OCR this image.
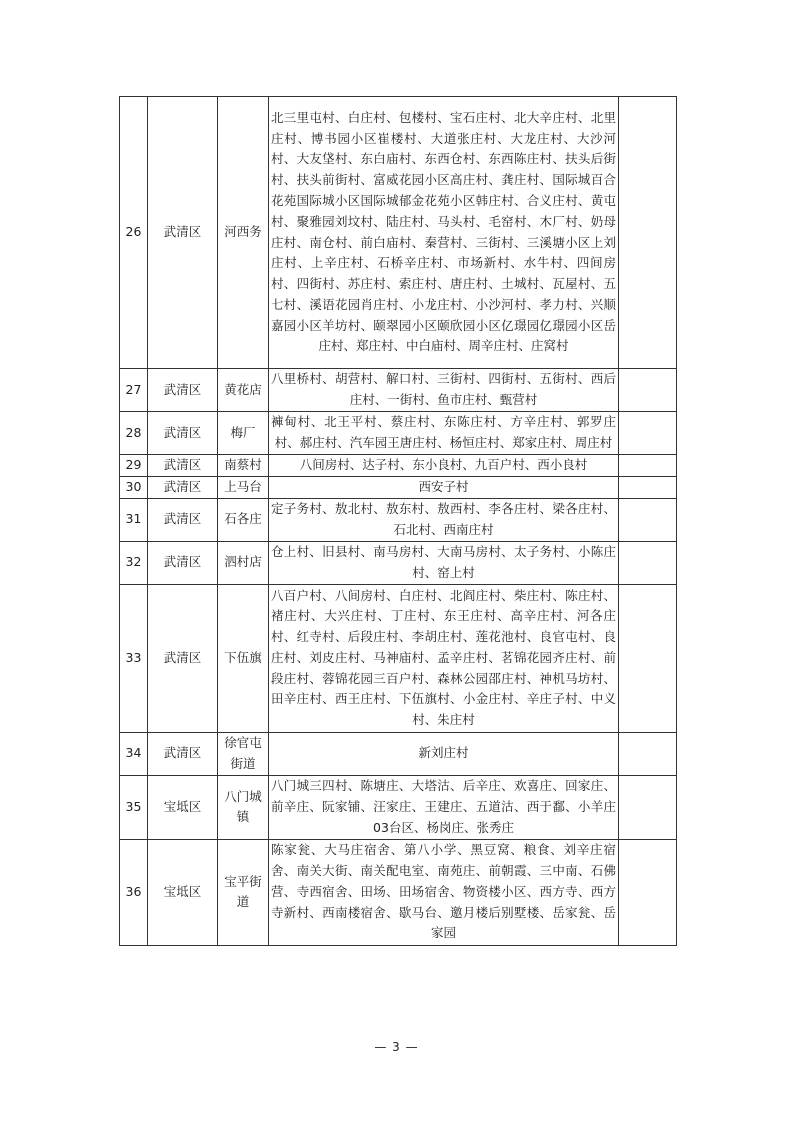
26	武清区	河西务	北三里屯村、白庄村、包楼村、宝石庄村、北大辛庄村、北里庄村、博书园小区崔楼村、大道张庄村、大龙庄村、大沙河村、大友垡村、东白庙村、东西仓村、东西陈庄村、扶头后街村、扶头前街村、富威花园小区高庄村、龚庄村、国际城百合花苑国际城小区国际城郁金花苑小区韩庄村、合义庄村、黄屯村、聚雅园刘坟村、陆庄村、马头村、毛窑村、木厂村、奶母庄村、南仓村、前白庙村、秦营村、三街村、三溪塘小区上刘庄村、上辛庄村、石桥辛庄村、市场新村、水牛村、四间房村、四街村、苏庄村、索庄村、唐庄村、土城村、瓦屋村、五七村、溪语花园肖庄村、小龙庄村、小沙河村、孝力村、兴顺嘉园小区羊坊村、颐翠园小区颐欣园小区亿璟园亿璟园小区岳庄村、郑庄村、中白庙村、周辛庄村、庄窝村	
27	武清区	黄花店	八里桥村、胡营村、解口村、三街村、四街村、五街村、西后庄村、一街村、鱼市庄村、甄营村	
28	武清区	梅厂	褲甸村、北王平村、蔡庄村、东陈庄村、方辛庄村、郭罗庄村、郝庄村、汽车园王唐庄村、杨恒庄村、郑家庄村、周庄村	
29	武清区	南蔡村	八间房村、达子村、东小良村、九百户村、西小良村	
30	武清区	上马台	西安子村	
31	武清区	石各庄	定子务村、敖北村、敖东村、敖西村、李各庄村、梁各庄村、石北村、西南庄村	
32	武清区	泗村店	仓上村、旧县村、南马房村、大南马房村、太子务村、小陈庄村、窑上村	
33	武清区	下伍旗	八百户村、八间房村、白庄村、北阎庄村、柴庄村、陈庄村、褚庄村、大兴庄村、丁庄村、东王庄村、高辛庄村、河各庄村、红寺村、后段庄村、李胡庄村、莲花池村、良官屯村、良庄村、刘皮庄村、马神庙村、孟辛庄村、茗锦花园齐庄村、前段庄村、蓉锦花园三百户村、森林公园邵庄村、神机马坊村、田辛庄村、西王庄村、下伍旗村、小金庄村、辛庄子村、中义村、朱庄村	
34	武清区	徐官屯街道	新刘庄村	
35	宝坻区	八门城镇	八门城三四村、陈塘庄、大塔沽、后辛庄、欢喜庄、回家庄、前辛庄、阮家铺、汪家庄、王建庄、五道沽、西于鄱、小羊庄03台区、杨岗庄、张秀庄	
36	宝坻区	宝平街道	陈家瓮、大马庄宿舍、第八小学、黑豆窝、粮食、刘辛庄宿舍、南关大街、南关配电室、南苑庄、前朝霞、三中南、石佛营、寺西宿舍、田场、田场宿舍、物资楼小区、西方寺、西方寺新村、西南楼宿舍、歇马台、邀月楼后别墅楼、岳家瓮、岳家园	
— 3 —
